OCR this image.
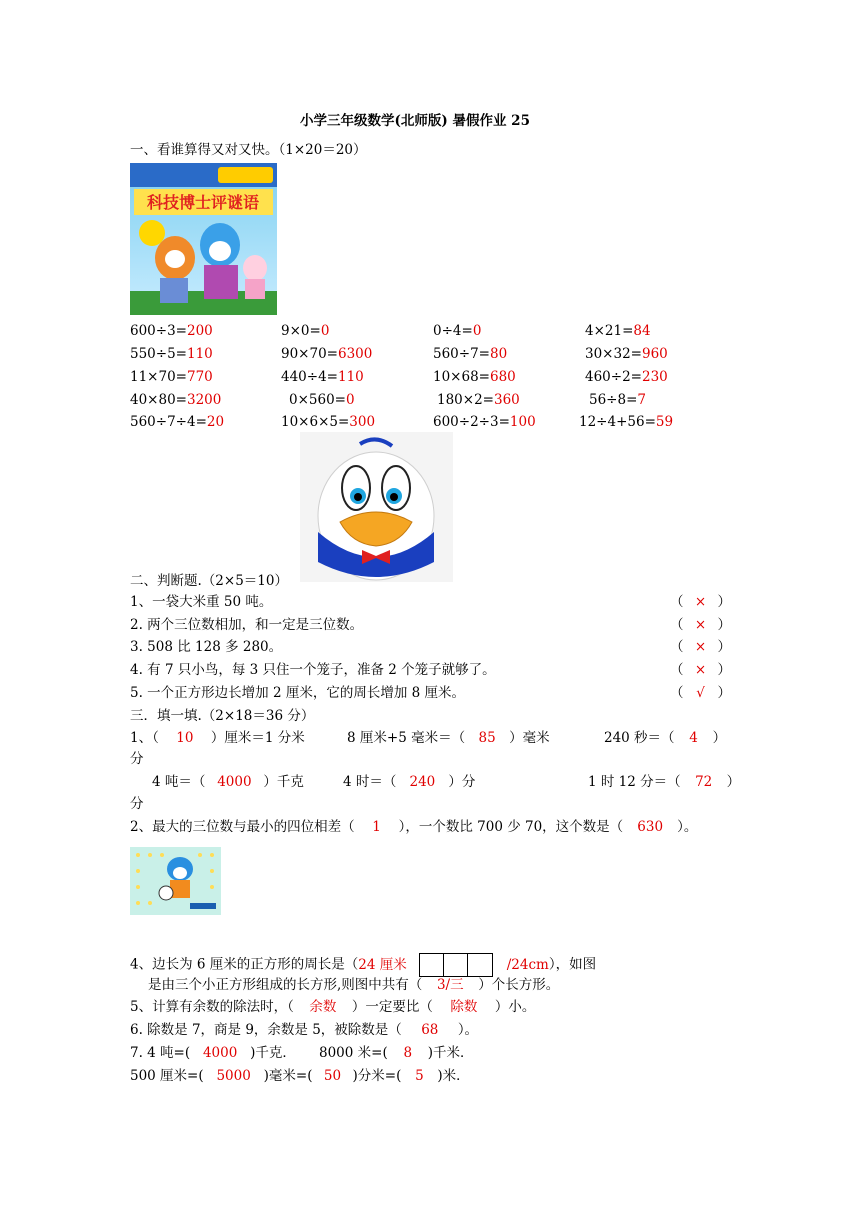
小学三年级数学(北师版) 暑假作业 25
一、看谁算得又对又快。（1×20＝20）
科技博士评谜语
600÷3=200	9×0=0	0÷4=0	4×21=84
550÷5=110	90×70=6300	560÷7=80	30×32=960
11×70=770	440÷4=110	10×68=680	460÷2=230
40×80=3200	0×560=0	180×2=360	56÷8=7
560÷7÷4=20	10×6×5=300	600÷2÷3=100	12÷4+56=59
二、判断题.（2×5＝10）
1、一袋大米重 50 吨。	（ × ）
2. 两个三位数相加，和一定是三位数。	（ × ）
3. 508 比 128 多 280。	（ × ）
4. 有 7 只小鸟，每 3 只住一个笼子，准备 2 个笼子就够了。	（ × ）
5. 一个正方形边长增加 2 厘米，它的周长增加 8 厘米。	（ √ ）
三．填一填.（2×18＝36 分）
1、（ 10 ）厘米＝1 分米	8 厘米+5 毫米＝（ 85 ）毫米	240 秒＝（ 4 ）
分
4 吨＝（ 4000 ）千克	4 时＝（ 240 ）分	1 时 12 分＝（ 72 ）
分
2、最大的三位数与最小的四位相差（ 1 ），一个数比 700 少 70，这个数是（ 630 ）。
4、边长为 6 厘米的正方形的周长是（24 厘米	/24cm），如图
是由三个小正方形组成的长方形,则图中共有（ 3/三 ）个长方形。
5、计算有余数的除法时，（ 余数 ）一定要比（ 除数 ）小。
6. 除数是 7，商是 9，余数是 5，被除数是（ 68 ）。
7. 4 吨=( 4000 )千克． 8000 米=( 8 )千米．
500 厘米=( 5000 )毫米=( 50 )分米=( 5 )米．
